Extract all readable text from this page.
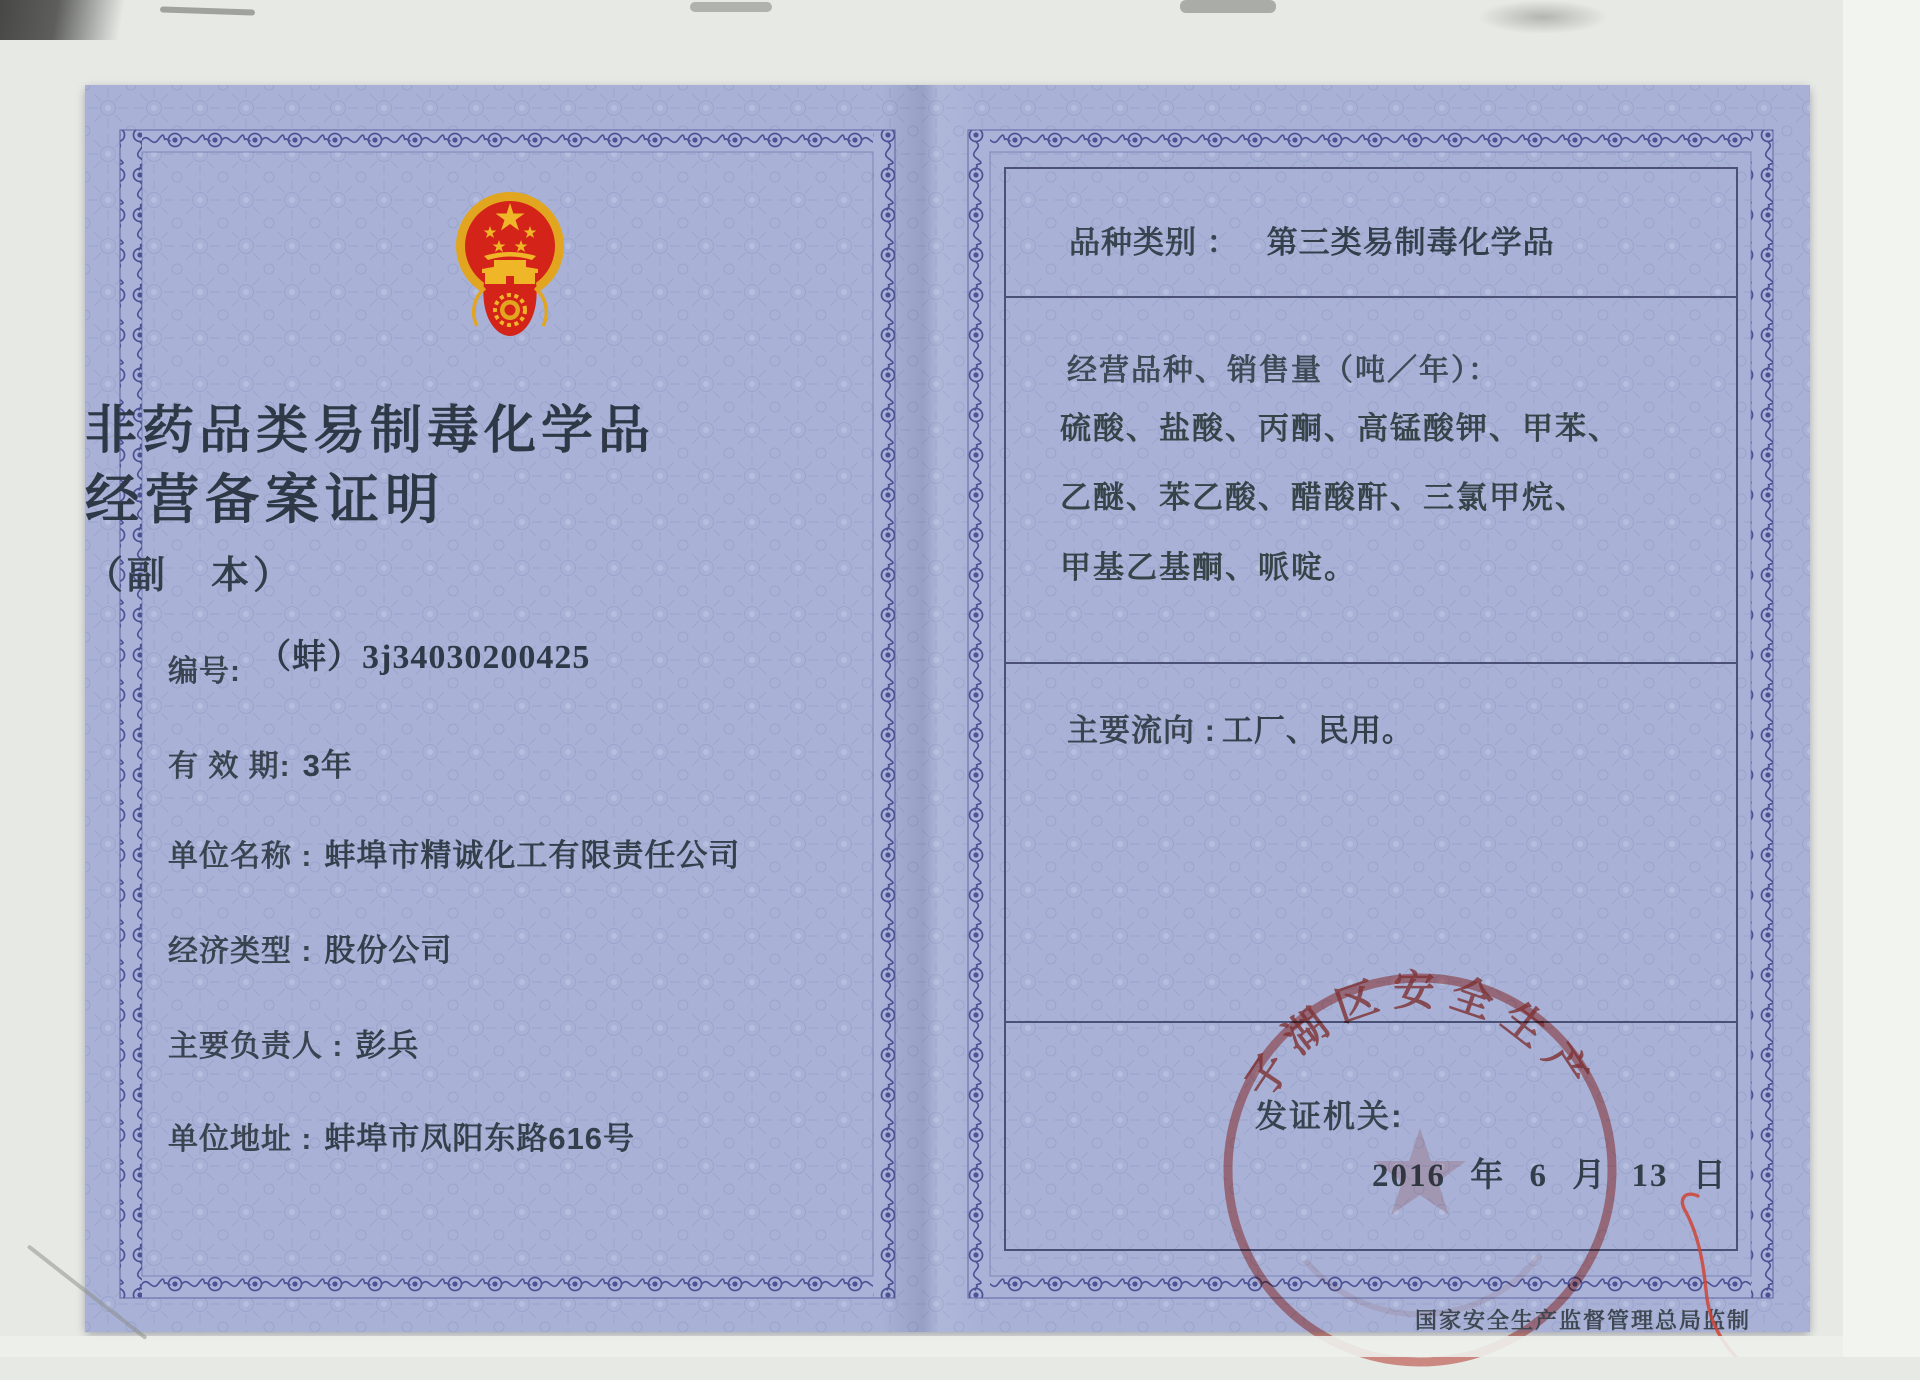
非药品类易制毒化学品
经营备案证明
（副　本）
编号: （蚌）3j34030200425
有 效 期: 3年
单位名称 : 蚌埠市精诚化工有限责任公司
经济类型 : 股份公司
主要负责人 : 彭兵
单位地址 : 蚌埠市凤阳东路616号
品种类别 ： 第三类易制毒化学品
经营品种、销售量（吨／年）：
硫酸、盐酸、丙酮、高锰酸钾、甲苯、
乙醚、苯乙酸、醋酸酐、三氯甲烷、
甲基乙基酮、哌啶。
主要流向 : 工厂、民用。
发证机关:
2016 年 6 月 13 日
子湖区安全生产
国家安全生产监督管理总局监制
